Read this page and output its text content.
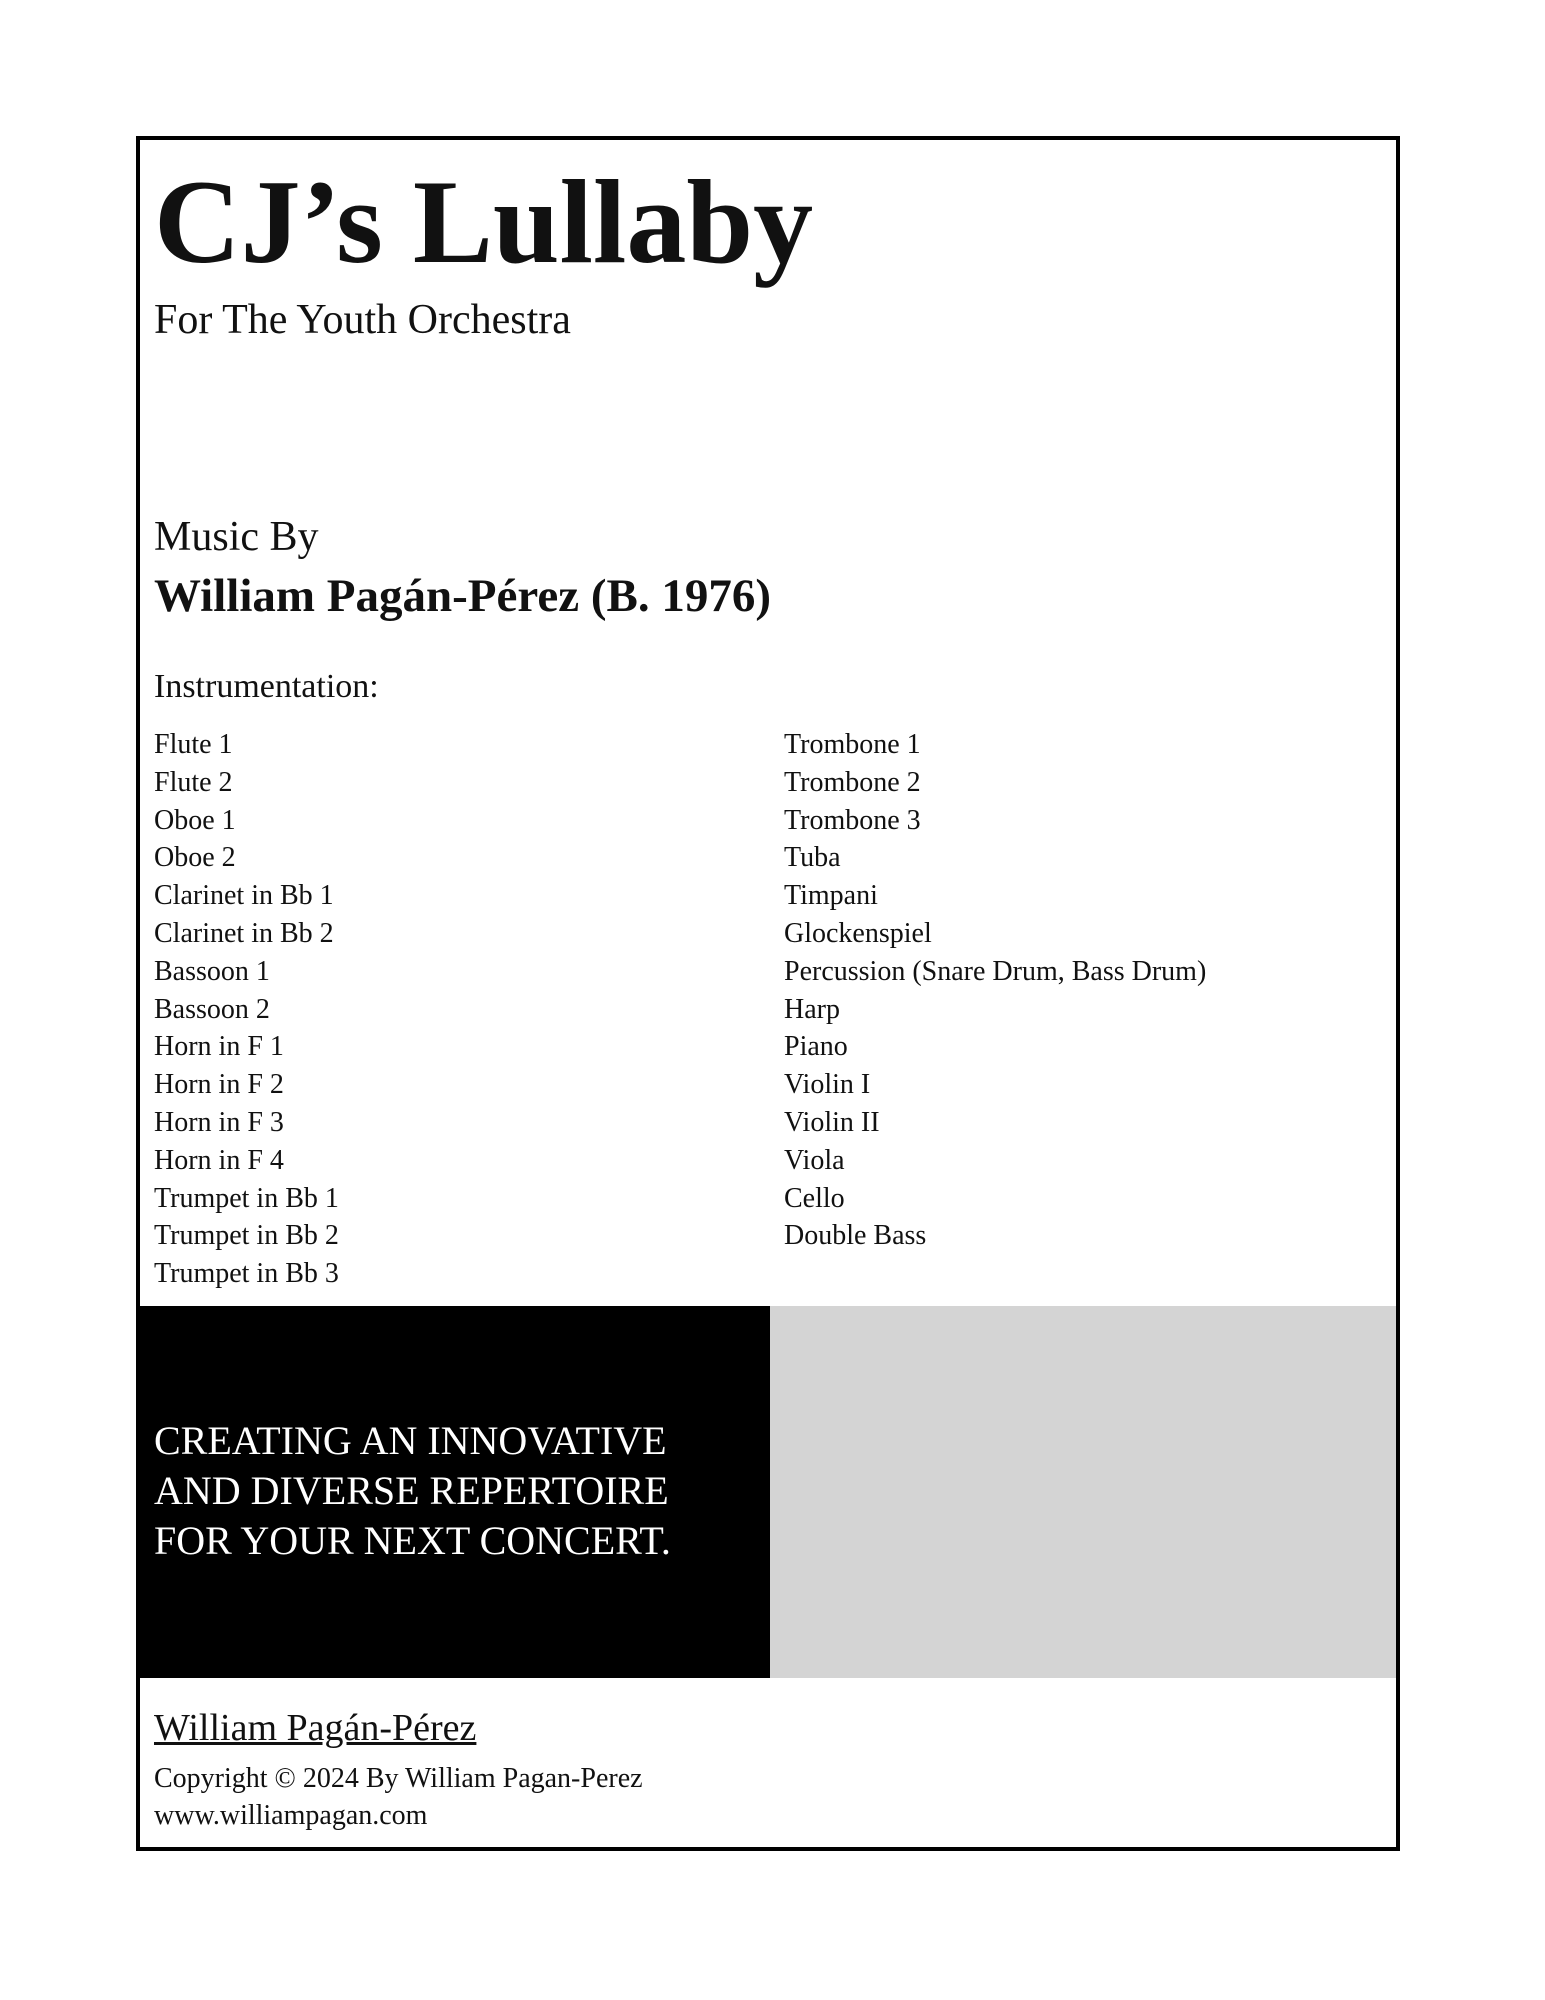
CJ’s Lullaby
For The Youth Orchestra
Music By
William Pagán-Pérez (B. 1976)
Instrumentation:
Flute 1
Flute 2
Oboe 1
Oboe 2
Clarinet in Bb 1
Clarinet in Bb 2
Bassoon 1
Bassoon 2
Horn in F 1
Horn in F 2
Horn in F 3
Horn in F 4
Trumpet in Bb 1
Trumpet in Bb 2
Trumpet in Bb 3
Trombone 1
Trombone 2
Trombone 3
Tuba
Timpani
Glockenspiel
Percussion (Snare Drum, Bass Drum)
Harp
Piano
Violin I
Violin II
Viola
Cello
Double Bass
CREATING AN INNOVATIVE
AND DIVERSE REPERTOIRE
FOR YOUR NEXT CONCERT.
William Pagán-Pérez
Copyright © 2024 By William Pagan-Perez
www.williampagan.com
